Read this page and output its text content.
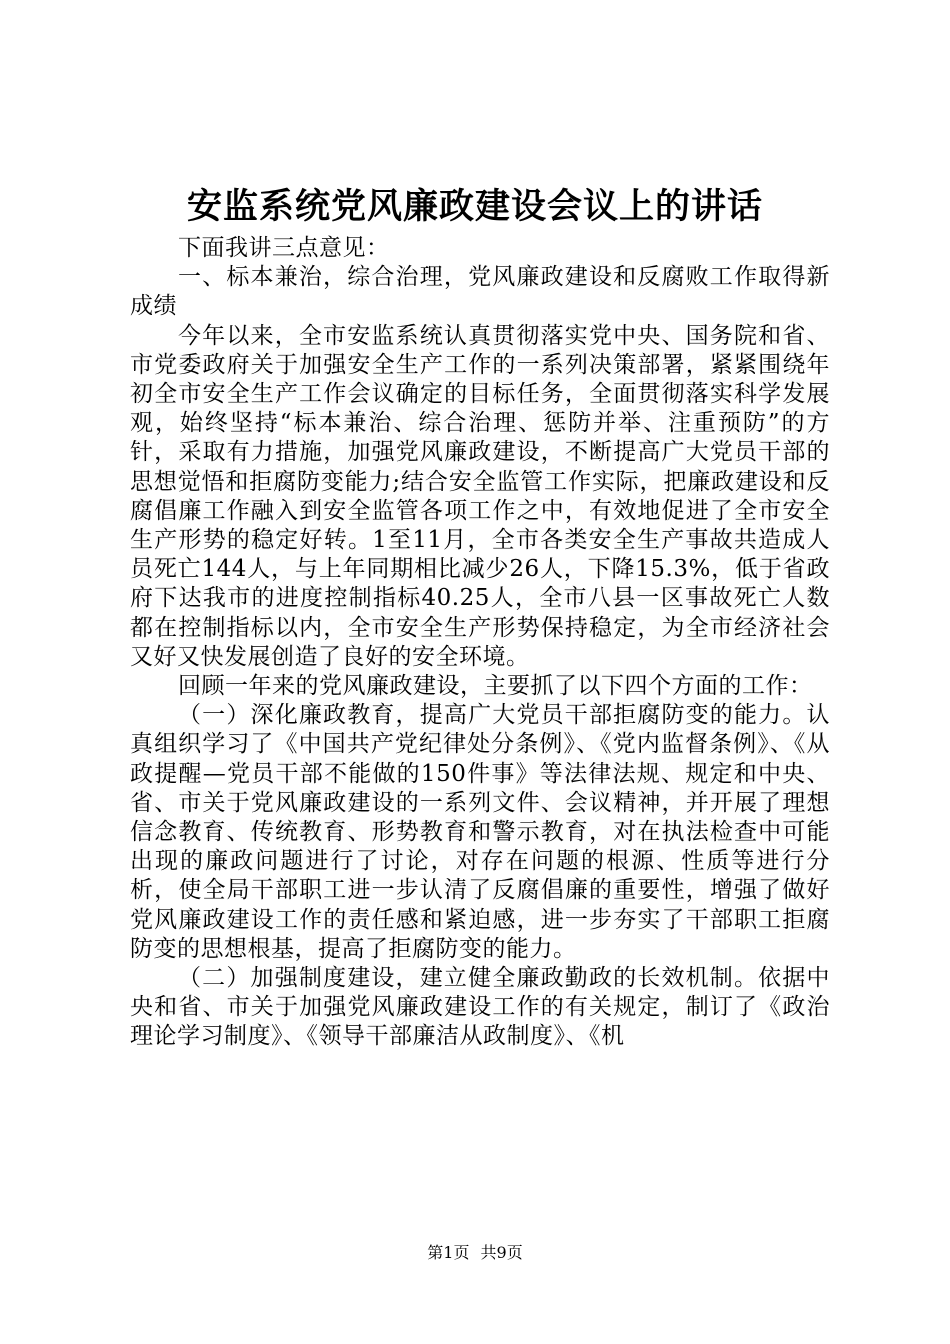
安监系统党风廉政建设会议上的讲话

下面我讲三点意见：

一、标本兼治，综合治理，党风廉政建设和反腐败工作取得新成绩

今年以来，全市安监系统认真贯彻落实党中央、国务院和省、市党委政府关于加强安全生产工作的一系列决策部署，紧紧围绕年初全市安全生产工作会议确定的目标任务，全面贯彻落实科学发展观，始终坚持“标本兼治、综合治理、惩防并举、注重预防”的方针，采取有力措施，加强党风廉政建设，不断提高广大党员干部的思想觉悟和拒腐防变能力;结合安全监管工作实际，把廉政建设和反腐倡廉工作融入到安全监管各项工作之中，有效地促进了全市安全生产形势的稳定好转。1至11月，全市各类安全生产事故共造成人员死亡144人，与上年同期相比减少26人，下降15.3%，低于省政府下达我市的进度控制指标40.25人，全市八县一区事故死亡人数都在控制指标以内，全市安全生产形势保持稳定，为全市经济社会又好又快发展创造了良好的安全环境。

回顾一年来的党风廉政建设，主要抓了以下四个方面的工作：

（一）深化廉政教育，提高广大党员干部拒腐防变的能力。认真组织学习了《中国共产党纪律处分条例》、《党内监督条例》、《从政提醒—党员干部不能做的150件事》等法律法规、规定和中央、省、市关于党风廉政建设的一系列文件、会议精神，并开展了理想信念教育、传统教育、形势教育和警示教育，对在执法检查中可能出现的廉政问题进行了讨论，对存在问题的根源、性质等进行分析，使全局干部职工进一步认清了反腐倡廉的重要性，增强了做好党风廉政建设工作的责任感和紧迫感，进一步夯实了干部职工拒腐防变的思想根基，提高了拒腐防变的能力。

（二）加强制度建设，建立健全廉政勤政的长效机制。依据中央和省、市关于加强党风廉政建设工作的有关规定，制订了《政治理论学习制度》、《领导干部廉洁从政制度》、《机

第1页 共9页
